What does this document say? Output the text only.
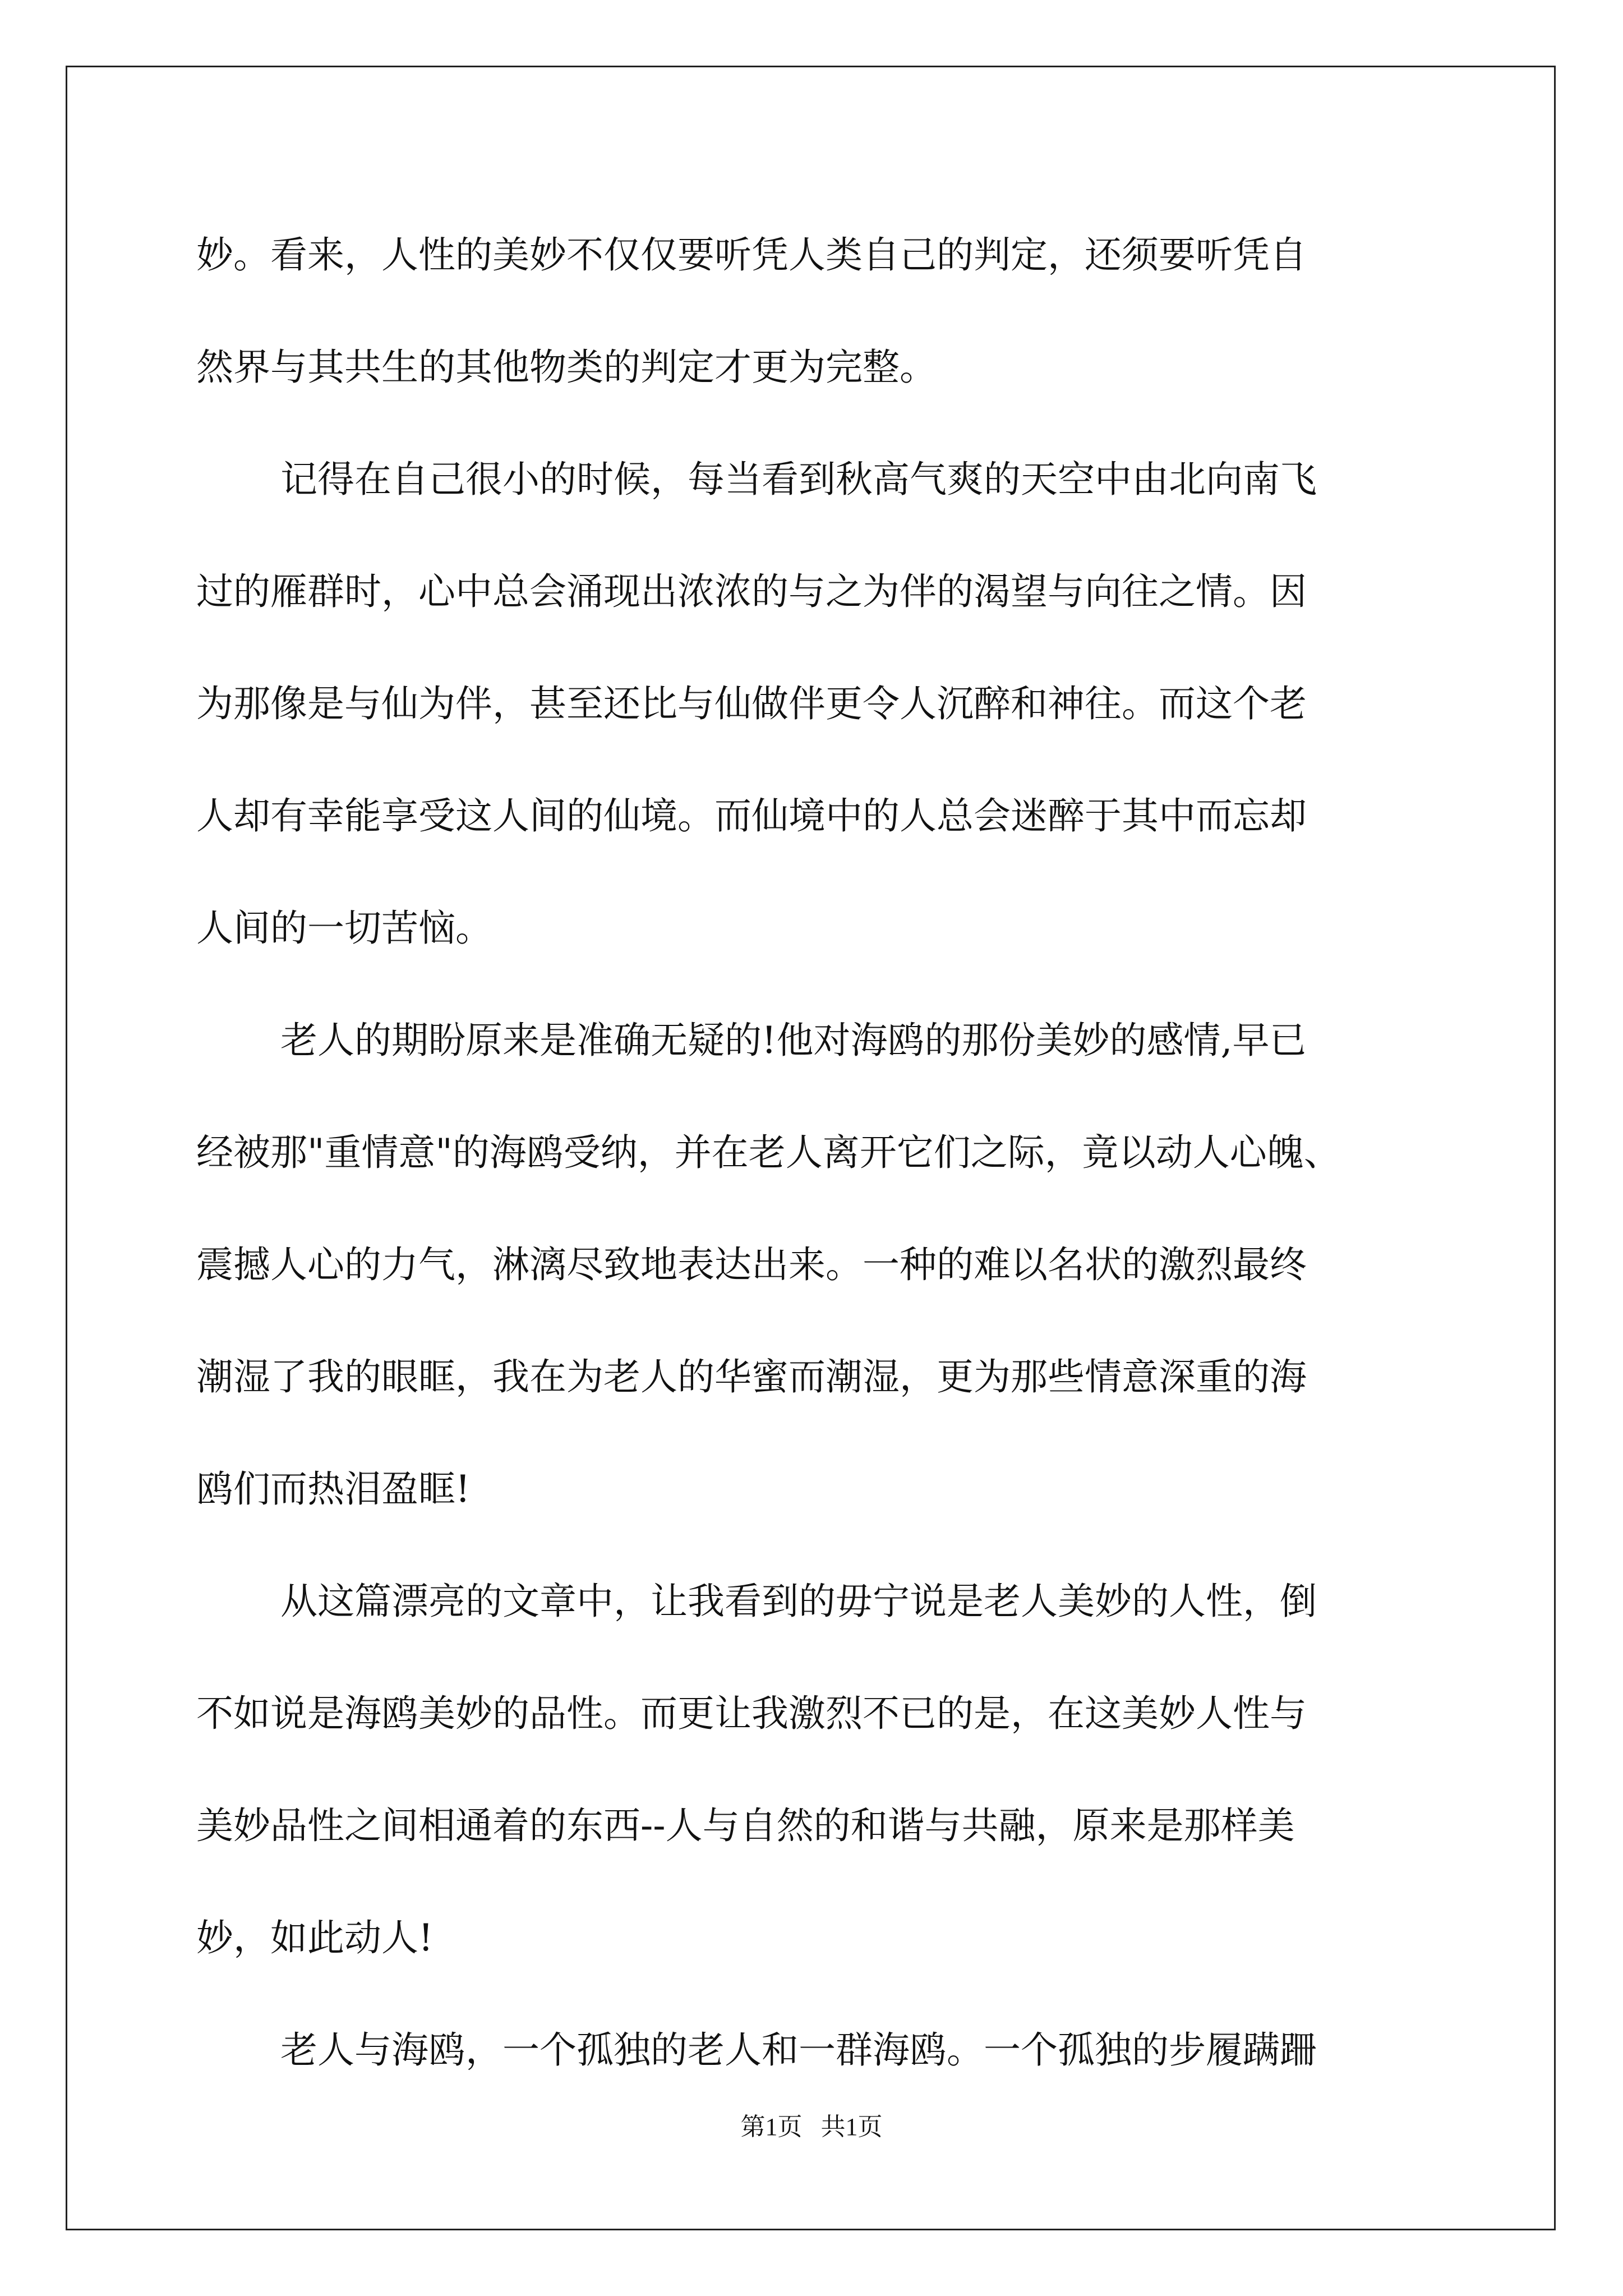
妙。看来，人性的美妙不仅仅要听凭人类自己的判定，还须要听凭自
然界与其共生的其他物类的判定才更为完整。
记得在自己很小的时候，每当看到秋高气爽的天空中由北向南飞
过的雁群时，心中总会涌现出浓浓的与之为伴的渴望与向往之情。因
为那像是与仙为伴，甚至还比与仙做伴更令人沉醉和神往。而这个老
人却有幸能享受这人间的仙境。而仙境中的人总会迷醉于其中而忘却
人间的一切苦恼。
老人的期盼原来是准确无疑的!他对海鸥的那份美妙的感情,早已
经被那"重情意"的海鸥受纳，并在老人离开它们之际，竟以动人心魄、
震撼人心的力气，淋漓尽致地表达出来。一种的难以名状的激烈最终
潮湿了我的眼眶，我在为老人的华蜜而潮湿，更为那些情意深重的海
鸥们而热泪盈眶!
从这篇漂亮的文章中，让我看到的毋宁说是老人美妙的人性，倒
不如说是海鸥美妙的品性。而更让我激烈不已的是，在这美妙人性与
美妙品性之间相通着的东西--人与自然的和谐与共融，原来是那样美
妙，如此动人!
老人与海鸥，一个孤独的老人和一群海鸥。一个孤独的步履蹒跚
第1页   共1页
